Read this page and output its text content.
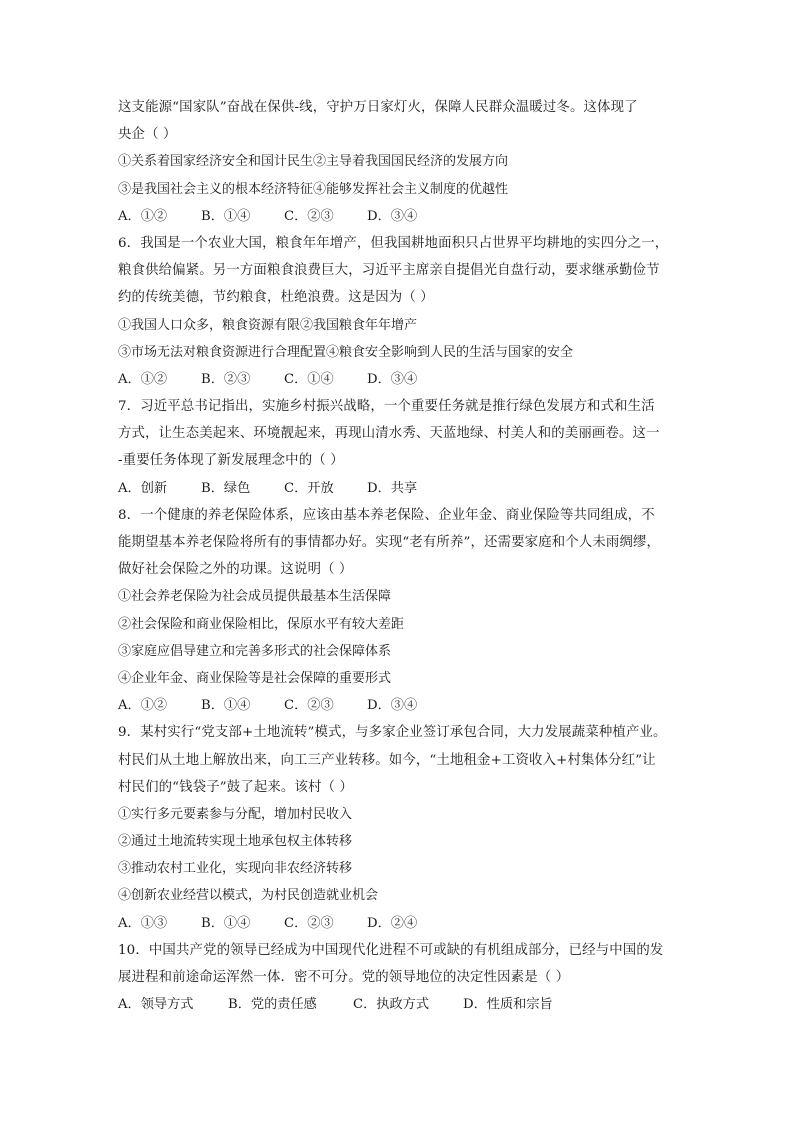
这支能源“国家队”奋战在保供-线，守护万日家灯火，保障人民群众温暖过冬。这体现了
央企（ ）
①关系着国家经济安全和国计民生②主导着我国国民经济的发展方向
③是我国社会主义的根本经济特征④能够发挥社会主义制度的优越性
A．①②	B．①④	C．②③	D．③④
6．我国是一个农业大国，粮食年年增产，但我国耕地面积只占世界平均耕地的实四分之一，
粮食供给偏紧。另一方面粮食浪费巨大，习近平主席亲自提倡光自盘行动，要求继承勤俭节
约的传统美德，节约粮食，杜绝浪费。这是因为（ ）
①我国人口众多，粮食资源有限②我国粮食年年增产
③市场无法对粮食资源进行合理配置④粮食安全影响到人民的生活与国家的安全
A．①②	B．②③	C．①④	D．③④
7．习近平总书记指出，实施乡村振兴战略，一个重要任务就是推行绿色发展方和式和生活
方式，让生态美起来、环境靓起来，再现山清水秀、天蓝地绿、村美人和的美丽画卷。这一
-重要任务体现了新发展理念中的（ ）
A．创新	B．绿色	C．开放	D．共享
8．一个健康的养老保险体系，应该由基本养老保险、企业年金、商业保险等共同组成，不
能期望基本养老保险将所有的事情都办好。实现“老有所养”，还需要家庭和个人未雨绸缪，
做好社会保险之外的功课。这说明（ ）
①社会养老保险为社会成员提供最基本生活保障
②社会保险和商业保险相比，保原水平有较大差距
③家庭应倡导建立和完善多形式的社会保障体系
④企业年金、商业保险等是社会保障的重要形式
A．①②	B．①④	C．②③	D．③④
9．某村实行“党支部+土地流转”模式，与多家企业签订承包合同，大力发展蔬菜种植产业。
村民们从土地上解放出来，向工三产业转移。如今，“土地租金+工资收入+村集体分红”让
村民们的“钱袋子”鼓了起来。该村（ ）
①实行多元要素参与分配，增加村民收入
②通过土地流转实现土地承包权主体转移
③推动农村工业化，实现向非农经济转移
④创新农业经营以模式，为村民创造就业机会
A．①③	B．①④	C．②③	D．②④
10．中国共产党的领导已经成为中国现代化进程不可或缺的有机组成部分，已经与中国的发
展进程和前途命运浑然一体．密不可分。党的领导地位的决定性因素是（ ）
A．领导方式	B．党的责任感	C．执政方式	D．性质和宗旨
